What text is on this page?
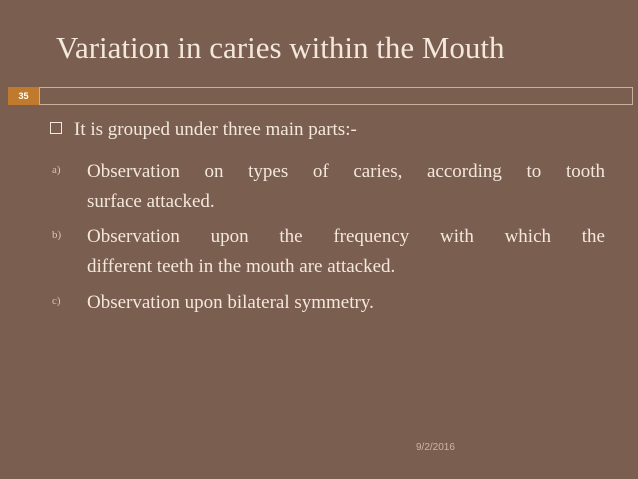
Variation in caries within the Mouth
35
It is grouped under three main parts:-
a) Observation on types of caries, according to tooth
surface attacked.
b) Observation upon the frequency with which the
different teeth in the mouth are attacked.
c) Observation upon bilateral symmetry.
9/2/2016
